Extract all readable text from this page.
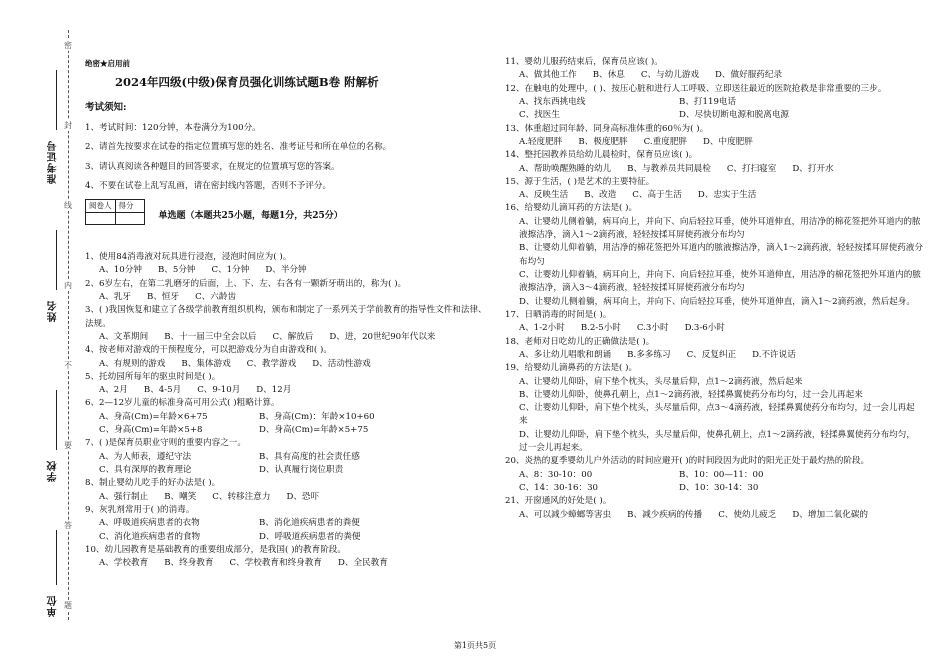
准考证号
姓名
学校
单位
密
封
线
内
不
要
答
题
绝密★启用前
2024年四级(中级)保育员强化训练试题B卷 附解析
考试须知:

1、考试时间：120分钟，本卷满分为100分。

2、请首先按要求在试卷的指定位置填写您的姓名、准考证号和所在单位的名称。

3、请认真阅读各种题目的回答要求，在规定的位置填写您的答案。

4、不要在试卷上乱写乱画，请在密封线内答题，否则不予评分。

阅卷人	得分

单选题（本题共25小题，每题1分，共25分）

1、使用84消毒液对玩具进行浸泡，浸泡时间应为( )。

A、10分钟 B、5分钟 C、1分钟 D、半分钟

2、6岁左右，在第二乳磨牙的后面，上、下、左、右各有一颗新牙萌出的，称为( )。

A、乳牙 B、恒牙 C、六龄齿

3、( )我国恢复和建立了各级学前教育组织机构，颁布和制定了一系列关于学前教育的指导性文件和法律、法规。

A、文革期间 B、十一届三中全会以后 C、解放后 D、进，20世纪90年代以来

4、按老师对游戏的干预程度分，可以把游戏分为自由游戏和( )。

A、有规则的游戏 B、集体游戏 C、教学游戏 D、活动性游戏

5、托幼园所每年的驱虫时间是( )。

A、2月 B、4-5月 C、9-10月 D、12月

6、2—12岁儿童的标准身高可用公式( )粗略计算。

A、身高(Cm)=年龄×6+75	B、身高(Cm)：年龄×10+60
C、身高(Cm)=年龄×5+8	D、身高(Cm)=年龄×5+75

7、( )是保育员职业守则的重要内容之一。

A、为人师表，遵纪守法	B、具有高度的社会责任感
C、具有深厚的教育理论	D、认真履行岗位职责

8、制止婴幼儿吃手的好办法是( )。

A、强行制止 B、嘲笑 C、转移注意力 D、恐吓

9、灰乳剂常用于( )的消毒。

A、呼吸道疾病患者的衣物	B、消化道疾病患者的粪便
C、消化道疾病患者的食物	D、呼吸道疾病患者的粪便

10、幼儿园教育是基础教育的重要组成部分，是我国( )的教育阶段。

A、学校教育 B、终身教育 C、学校教育和终身教育 D、全民教育

11、婴幼儿服药结束后，保育员应该( )。

A、做其他工作 B、休息 C、与幼儿游戏 D、做好服药纪录

12、在触电的处理中，( )、按压心脏和进行人工呼吸、立即送往最近的医院抢救是非常重要的三步。

A、找东西挑电线	B、打119电话
C、找医生	D、尽快切断电源和脱离电源

13、体重超过同年龄、同身高标准体重的60％为( )。

A.轻度肥胖 B、极度肥胖 C.重度肥胖 D、中度肥胖

14、整托园教养员给幼儿晨检时，保育员应该( )。

A、帮助唤醒熟睡的幼儿 B、与教养员共同晨检 C、打扫寝室 D、打开水

15、源于生活，( )是艺术的主要特征。

A、反映生活 B、改造 C、高于生活 D、忠实于生活

16、给婴幼儿滴耳药的方法是( )。

A、让婴幼儿侧着躺，病耳向上，并向下、向后轻拉耳垂，使外耳道伸直，用洁净的棉花签把外耳道内的脓液擦洁净，滴入1～2滴药液，轻轻按揉耳屏使药液分布均匀

B、让婴幼儿仰着躺，用洁净的棉花签把外耳道内的脓液擦洁净，滴入1～2滴药液，轻轻按揉耳屏使药液分布均匀

C、让婴幼儿仰着躺，病耳向上，并向下、向后轻拉耳垂，使外耳道伸直，用洁净的棉花签把外耳道内的脓液擦洁净，滴入3～4滴药液，轻轻按揉耳屏使药液分布均匀

D、让婴幼儿侧着躺，病耳向上，并向下、向后轻拉耳垂，使外耳道伸直，滴入1～2滴药液，然后起身。

17、日晒消毒的时间是( )。

A、1-2小时 B.2-5小时 C.3小时 D.3-6小时

18、老师对日吃幼儿的正确做法是( )。

A、多让幼儿唱歌和朗诵 B.多多练习 C、反复纠正 D.不许说话

19、给婴幼儿滴鼻药的方法是( )。

A、让婴幼儿仰卧，肩下垫个枕头，头尽量后仰，点1～2滴药液，然后起来

B、让婴幼儿仰卧，使鼻孔朝上，点1～2滴药液，轻揉鼻翼使药分布均匀，过一会儿再起来

C、让婴幼儿仰卧，肩下垫个枕头，头尽量后仰，点3～4滴药液，轻揉鼻翼使药分布均匀，过一会儿再起来

D、让婴幼儿仰卧，肩下垫个枕头，头尽量后仰，使鼻孔朝上，点1～2滴药液，轻揉鼻翼使药分布均匀，过一会儿再起来。

20、炎热的夏季婴幼儿户外活动的时间应避开( )的时间段因为此时的阳光正处于最灼热的阶段。

A、8：30-10：00	B、10：00—11：00
C、14：30-16：30	D、10：30-14：30

21、开窗通风的好处是( )。

A、可以减少蟑螂等害虫 B、减少疾病的传播 C、使幼儿疲乏 D、增加二氧化碳的
第1页共5页
